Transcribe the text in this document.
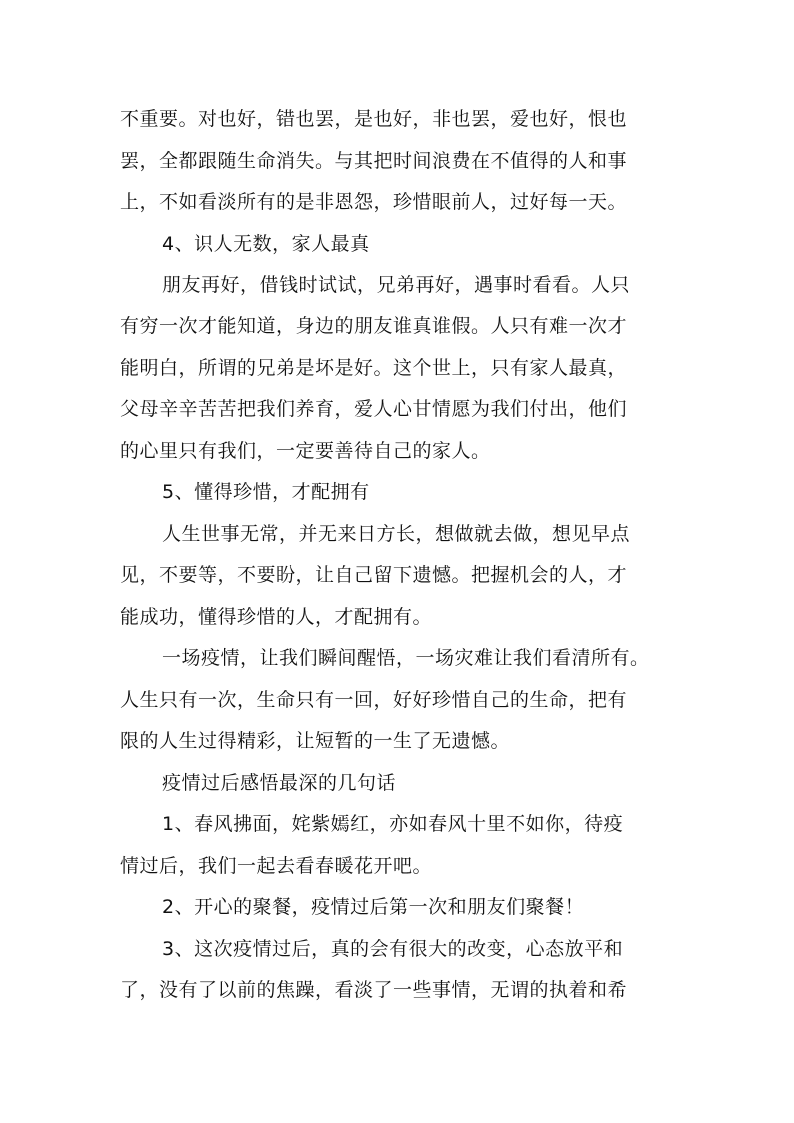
不重要。对也好，错也罢，是也好，非也罢，爱也好，恨也

罢，全都跟随生命消失。与其把时间浪费在不值得的人和事

上，不如看淡所有的是非恩怨，珍惜眼前人，过好每一天。

4、识人无数，家人最真

朋友再好，借钱时试试，兄弟再好，遇事时看看。人只

有穷一次才能知道，身边的朋友谁真谁假。人只有难一次才

能明白，所谓的兄弟是坏是好。这个世上，只有家人最真，

父母辛辛苦苦把我们养育，爱人心甘情愿为我们付出，他们

的心里只有我们，一定要善待自己的家人。

5、懂得珍惜，才配拥有

人生世事无常，并无来日方长，想做就去做，想见早点

见，不要等，不要盼，让自己留下遗憾。把握机会的人，才

能成功，懂得珍惜的人，才配拥有。

一场疫情，让我们瞬间醒悟，一场灾难让我们看清所有。

人生只有一次，生命只有一回，好好珍惜自己的生命，把有

限的人生过得精彩，让短暂的一生了无遗憾。

疫情过后感悟最深的几句话

1、春风拂面，姹紫嫣红，亦如春风十里不如你，待疫

情过后，我们一起去看春暖花开吧。

2、开心的聚餐，疫情过后第一次和朋友们聚餐！

3、这次疫情过后，真的会有很大的改变，心态放平和

了，没有了以前的焦躁，看淡了一些事情，无谓的执着和希
